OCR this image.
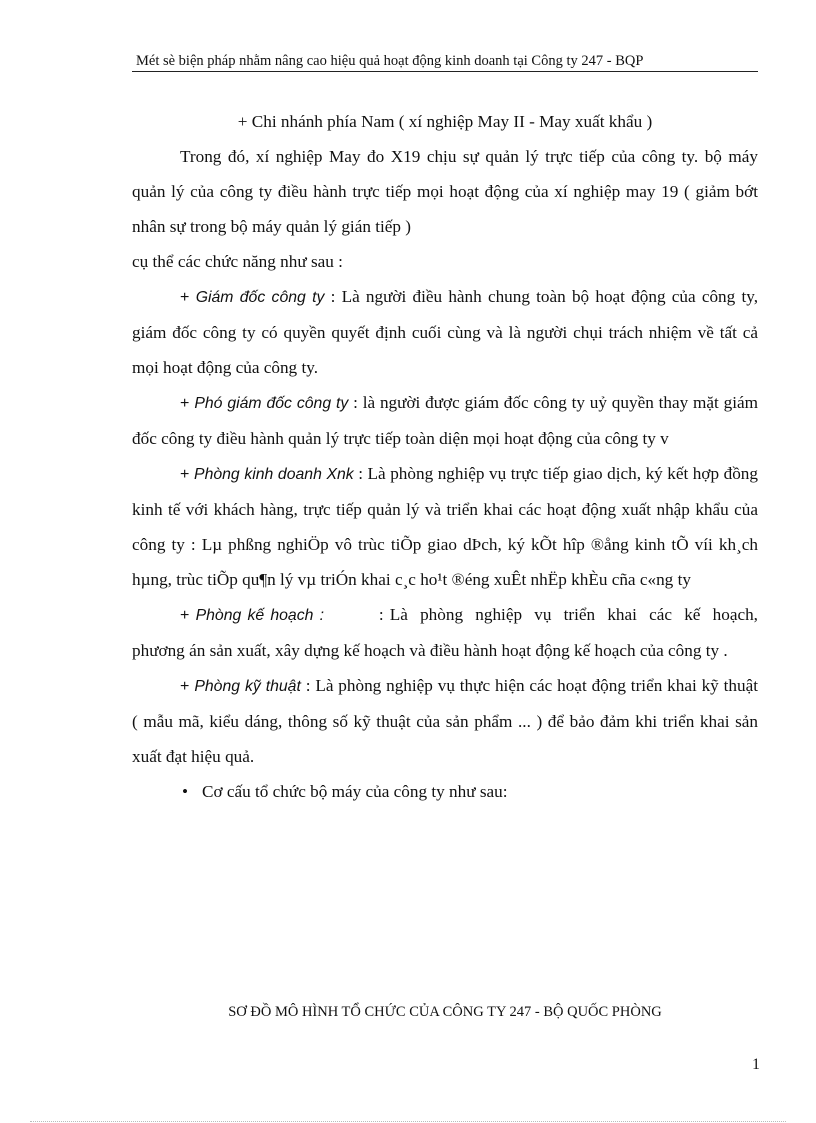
Mét sè biện pháp nhằm nâng cao hiệu quả hoạt động kinh doanh tại Công ty 247 - BQP

+ Chi nhánh phía Nam ( xí nghiệp May II - May xuất khẩu )

Trong đó, xí nghiệp May đo X19 chịu sự quản lý trực tiếp của công ty. bộ máy quản lý của công ty điều hành trực tiếp mọi hoạt động của xí nghiệp may 19 ( giảm bớt nhân sự trong bộ máy quản lý gián tiếp )

cụ thể các chức năng như sau :

+ Giám đốc công ty : Là người điều hành chung toàn bộ hoạt động của công ty, giám đốc công ty có quyền quyết định cuối cùng và là người chụi trách nhiệm về tất cả mọi hoạt động của công ty.

+ Phó giám đốc công ty : là người được giám đốc công ty uỷ quyền thay mặt giám đốc công ty điều hành quản lý trực tiếp toàn diện mọi hoạt động của công ty v

+ Phòng kinh doanh Xnk : Là phòng nghiệp vụ trực tiếp giao dịch, ký kết hợp đồng kinh tế với khách hàng, trực tiếp quản lý và triển khai các hoạt động xuất nhập khẩu của công ty : Lµ phßng nghiÖp vô trùc tiÕp giao dÞch, ký kÕt hîp ®ång kinh tÕ víi kh¸ch hµng, trùc tiÕp qu¶n lý vµ triÓn khai c¸c ho¹t ®éng xuÊt nhËp khÈu cña c«ng ty

+ Phòng kế hoạch :         : Là  phòng  nghiệp  vụ  triển  khai  các  kế  hoạch, phương án sản xuất, xây dựng kế hoạch và điều hành hoạt động kế hoạch của công ty .

+ Phòng kỹ thuật : Là phòng nghiệp vụ thực hiện các hoạt động triển khai kỹ thuật ( mẫu mã, kiểu dáng, thông số kỹ thuật của sản phẩm ... ) để bảo đảm khi triển khai sản xuất đạt hiệu quả.

• Cơ cấu tổ chức bộ máy của công ty như sau:

SƠ ĐỒ MÔ HÌNH TỔ CHỨC CỦA CÔNG TY 247 - BỘ QUỐC PHÒNG
1
